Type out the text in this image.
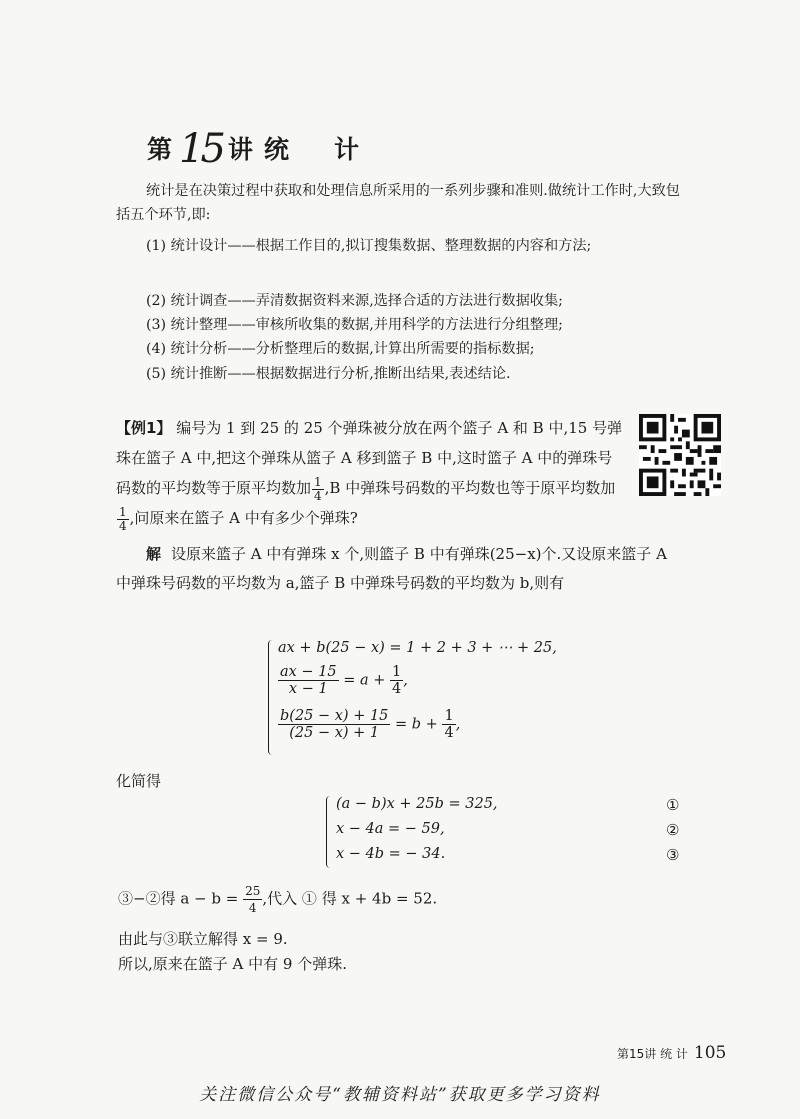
第 15 讲 统 计
统计是在决策过程中获取和处理信息所采用的一系列步骤和准则.做统计工作时,大致包括五个环节,即:
(1) 统计设计——根据工作目的,拟订搜集数据、整理数据的内容和方法;
(2) 统计调查——弄清数据资料来源,选择合适的方法进行数据收集;
(3) 统计整理——审核所收集的数据,并用科学的方法进行分组整理;
(4) 统计分析——分析整理后的数据,计算出所需要的指标数据;
(5) 统计推断——根据数据进行分析,推断出结果,表述结论.
【例1】 编号为 1 到 25 的 25 个弹珠被分放在两个篮子 A 和 B 中,15 号弹珠在篮子 A 中,把这个弹珠从篮子 A 移到篮子 B 中,这时篮子 A 中的弹珠号码数的平均数等于原平均数加 $\frac{1}{4} ,B$ 中弹珠号码数的平均数也等于原平均数加
$\frac{1}{4}$ ,问原来在篮子 A 中有多少个弹珠?
解 设原来篮子 A 中有弹珠 x 个,则篮子 B 中有弹珠(25−x)个.又设原来篮子 A 中弹珠号码数的平均数为 a,篮子 B 中弹珠号码数的平均数为 b,则有
ax + b(25 − x) = 1 + 2 + 3 + ⋯ + 25,
$\frac{ax - 15}{x - 1} = a + \frac{1}{4}$ ,
$\frac{b(25 - x) + 15}{(25 - x) + 1} = b + \frac{1}{4}$ ,
化简得
(a − b)x + 25b = 325,
x − 4a = − 59,
x − 4b = − 34.
①
②
③
③−②得 $a - b = \frac{25}{4}$ ,代入 ① 得 x + 4b = 52.
由此与③联立解得 x = 9.
所以,原来在篮子 A 中有 9 个弹珠.
第15讲 统 计 105
关注微信公众号“教辅资料站”获取更多学习资料
